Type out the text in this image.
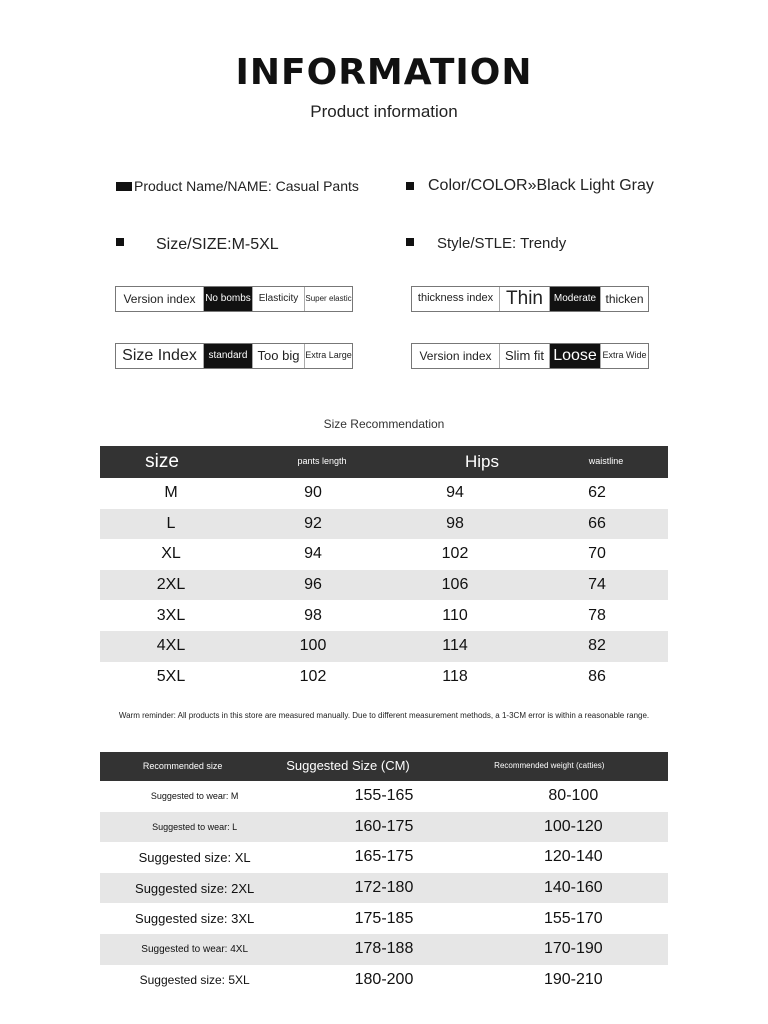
INFORMATION
Product information
Product Name/NAME: Casual Pants	Color/COLOR»Black Light Gray
Size/SIZE:M-5XL	Style/STLE: Trendy
Version index No bombs Elasticity Super elastic	thickness index Thin	Moderate thicken
Size Index	standard Too big Extra Large	Version index	Slim fit Loose Extra Wide
Size Recommendation
size	pants length	Hips	waistline
M	90	94	62
L	92	98	66
XL	94	102	70
2XL	96	106	74
3XL	98	110	78
4XL	100	114	82
5XL	102	118	86
Warm reminder: All products in this store are measured manually. Due to different measurement methods, a 1-3CM error is within a reasonable range.
Recommended size	Suggested Size (CM)	Recommended weight (catties)
Suggested to wear: M	155-165	80-100
Suggested to wear: L	160-175	100-120
Suggested size: XL	165-175	120-140
Suggested size: 2XL	172-180	140-160
Suggested size: 3XL	175-185	155-170
Suggested to wear: 4XL	178-188	170-190
Suggested size: 5XL	180-200	190-210
